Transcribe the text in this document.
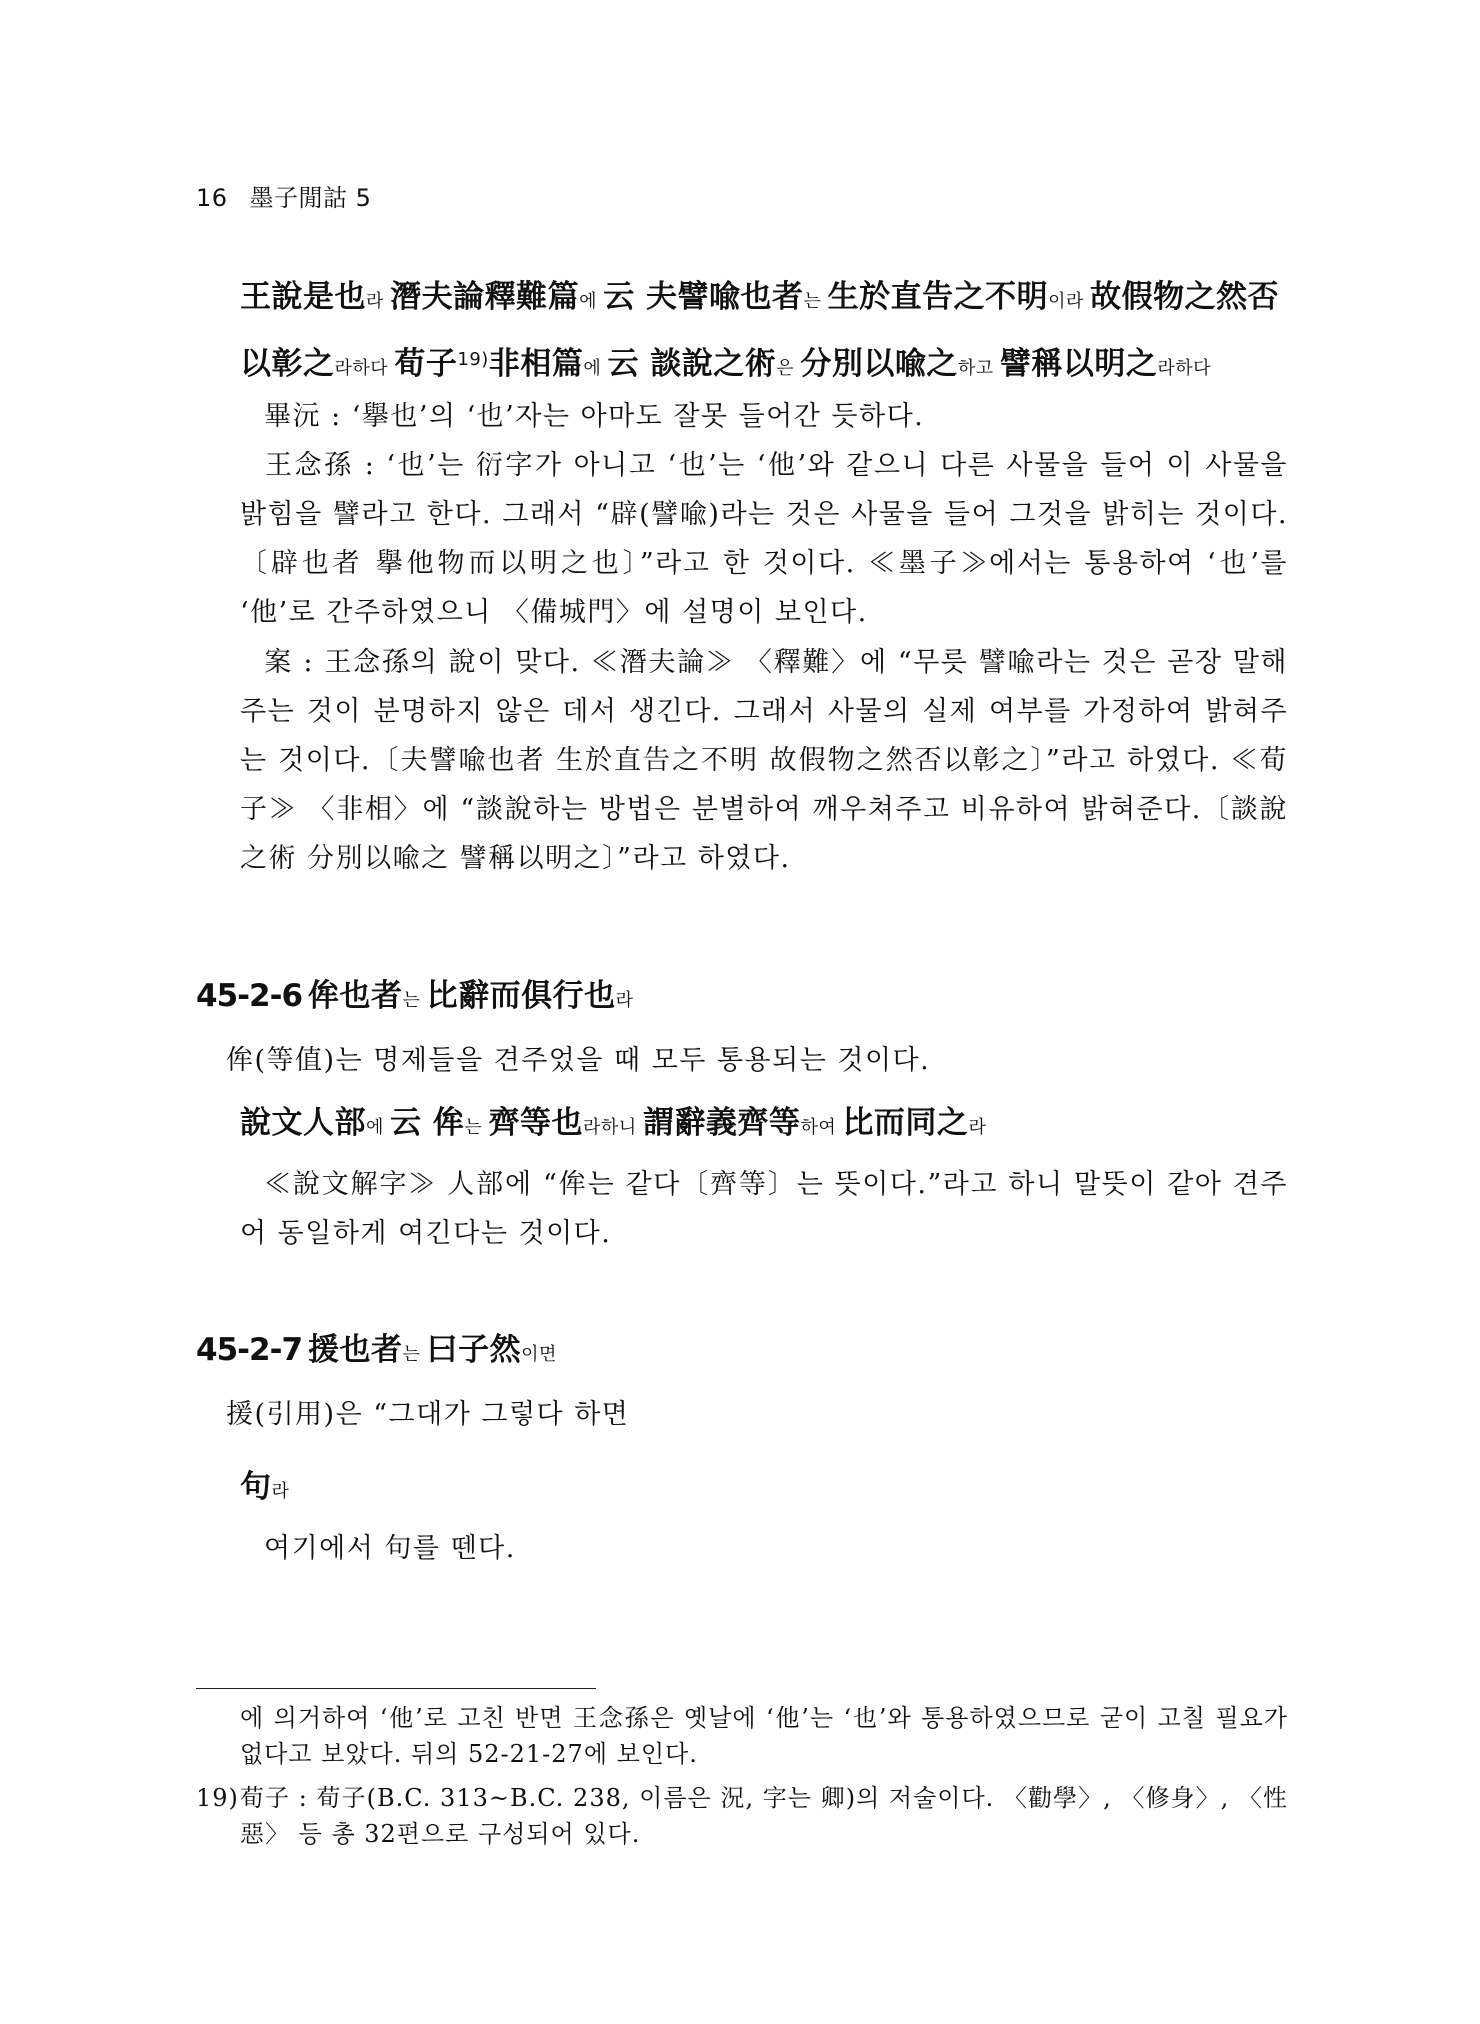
16 墨子閒詁 5
王說是也라 潛夫論釋難篇에 云 夫譬喩也者는 生於直告之不明이라 故假物之然否以彰之라하다 荀子$^{19)}$非相篇에 云 談說之術은 分別以喩之하고 譬稱以明之라하다
畢沅 : ‘擧也’의 ‘也’자는 아마도 잘못 들어간 듯하다.
王念孫 : ‘也’는 衍字가 아니고 ‘也’는 ‘他’와 같으니 다른 사물을 들어 이 사물을 밝힘을 譬라고 한다. 그래서 “辟(譬喩)라는 것은 사물을 들어 그것을 밝히는 것이다.〔辟也者 擧他物而以明之也〕”라고 한 것이다. ≪墨子≫에서는 통용하여 ‘也’를 ‘他’로 간주하였으니 〈備城門〉에 설명이 보인다.
案 : 王念孫의 說이 맞다. ≪潛夫論≫ 〈釋難〉에 “무릇 譬喩라는 것은 곧장 말해주는 것이 분명하지 않은 데서 생긴다. 그래서 사물의 실제 여부를 가정하여 밝혀주는 것이다.〔夫譬喩也者 生於直告之不明 故假物之然否以彰之〕”라고 하였다. ≪荀子≫ 〈非相〉에 “談說하는 방법은 분별하여 깨우쳐주고 비유하여 밝혀준다.〔談說之術 分別以喩之 譬稱以明之〕”라고 하였다.
45-2-6 侔也者는 比辭而俱行也라
侔(等值)는 명제들을 견주었을 때 모두 통용되는 것이다.
說文人部에 云 侔는 齊等也라하니 謂辭義齊等하여 比而同之라
≪說文解字≫ 人部에 “侔는 같다〔齊等〕는 뜻이다.”라고 하니 말뜻이 같아 견주어 동일하게 여긴다는 것이다.
45-2-7 援也者는 曰子然이면
援(引用)은 “그대가 그렇다 하면
句라
여기에서 句를 뗀다.
에 의거하여 ‘他’로 고친 반면 王念孫은 옛날에 ‘他’는 ‘也’와 통용하였으므로 굳이 고칠 필요가 없다고 보았다. 뒤의 52-21-27에 보인다.
19) 荀子 : 荀子(B.C. 313~B.C. 238, 이름은 況, 字는 卿)의 저술이다. 〈勸學〉, 〈修身〉, 〈性惡〉 등 총 32편으로 구성되어 있다.
